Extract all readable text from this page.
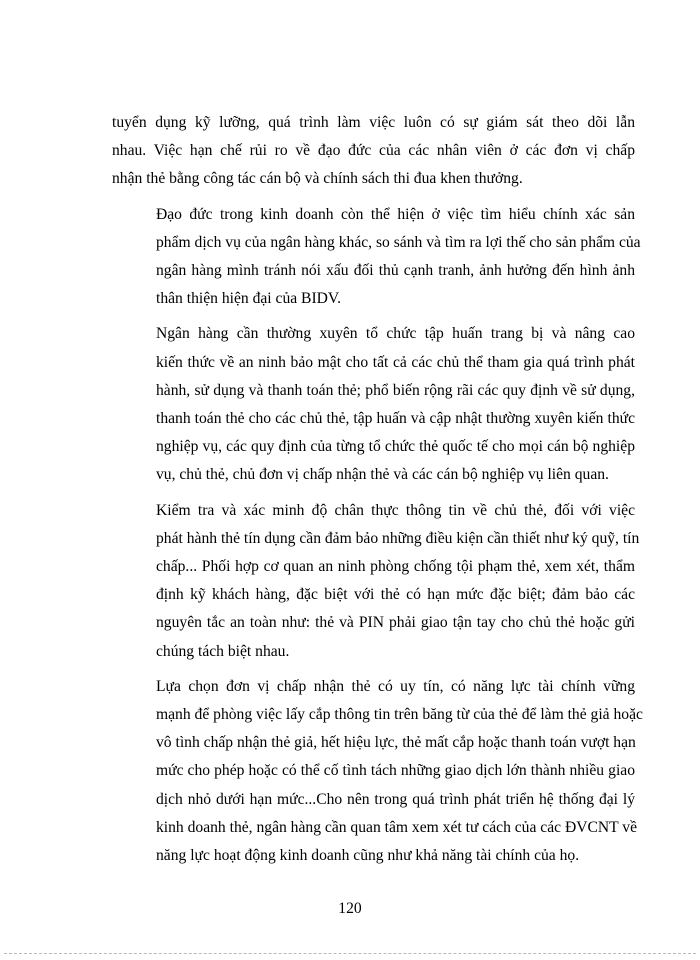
tuyển dụng kỹ lưỡng, quá trình làm việc luôn có sự giám sát theo dõi lẫn
nhau. Việc hạn chế rủi ro về đạo đức của các nhân viên ở các đơn vị chấp
nhận thẻ bằng công tác cán bộ và chính sách thi đua khen thưởng.
Đạo đức trong kinh doanh còn thể hiện ở việc tìm hiểu chính xác sản
phẩm dịch vụ của ngân hàng khác, so sánh và tìm ra lợi thế cho sản phẩm của
ngân hàng mình tránh nói xấu đối thủ cạnh tranh, ảnh hưởng đến hình ảnh
thân thiện hiện đại của BIDV.
Ngân hàng cần thường xuyên tổ chức tập huấn trang bị và nâng cao
kiến thức về an ninh bảo mật cho tất cả các chủ thể tham gia quá trình phát
hành, sử dụng và thanh toán thẻ; phổ biến rộng rãi các quy định về sử dụng,
thanh toán thẻ cho các chủ thẻ, tập huấn và cập nhật thường xuyên kiến thức
nghiệp vụ, các quy định của từng tổ chức thẻ quốc tế cho mọi cán bộ nghiệp
vụ, chủ thẻ, chủ đơn vị chấp nhận thẻ và các cán bộ nghiệp vụ liên quan.
Kiểm tra và xác minh độ chân thực thông tin về chủ thẻ, đối với việc
phát hành thẻ tín dụng cần đảm bảo những điều kiện cần thiết như ký quỹ, tín
chấp... Phối hợp cơ quan an ninh phòng chống tội phạm thẻ, xem xét, thẩm
định kỹ khách hàng, đặc biệt với thẻ có hạn mức đặc biệt; đảm bảo các
nguyên tắc an toàn như: thẻ và PIN phải giao tận tay cho chủ thẻ hoặc gửi
chúng tách biệt nhau.
Lựa chọn đơn vị chấp nhận thẻ có uy tín, có năng lực tài chính vững
mạnh để phòng việc lấy cắp thông tin trên băng từ của thẻ để làm thẻ giả hoặc
vô tình chấp nhận thẻ giả, hết hiệu lực, thẻ mất cắp hoặc thanh toán vượt hạn
mức cho phép hoặc có thể cố tình tách những giao dịch lớn thành nhiều giao
dịch nhỏ dưới hạn mức...Cho nên trong quá trình phát triển hệ thống đại lý
kinh doanh thẻ, ngân hàng cần quan tâm xem xét tư cách của các ĐVCNT về
năng lực hoạt động kinh doanh cũng như khả năng tài chính của họ.
120
